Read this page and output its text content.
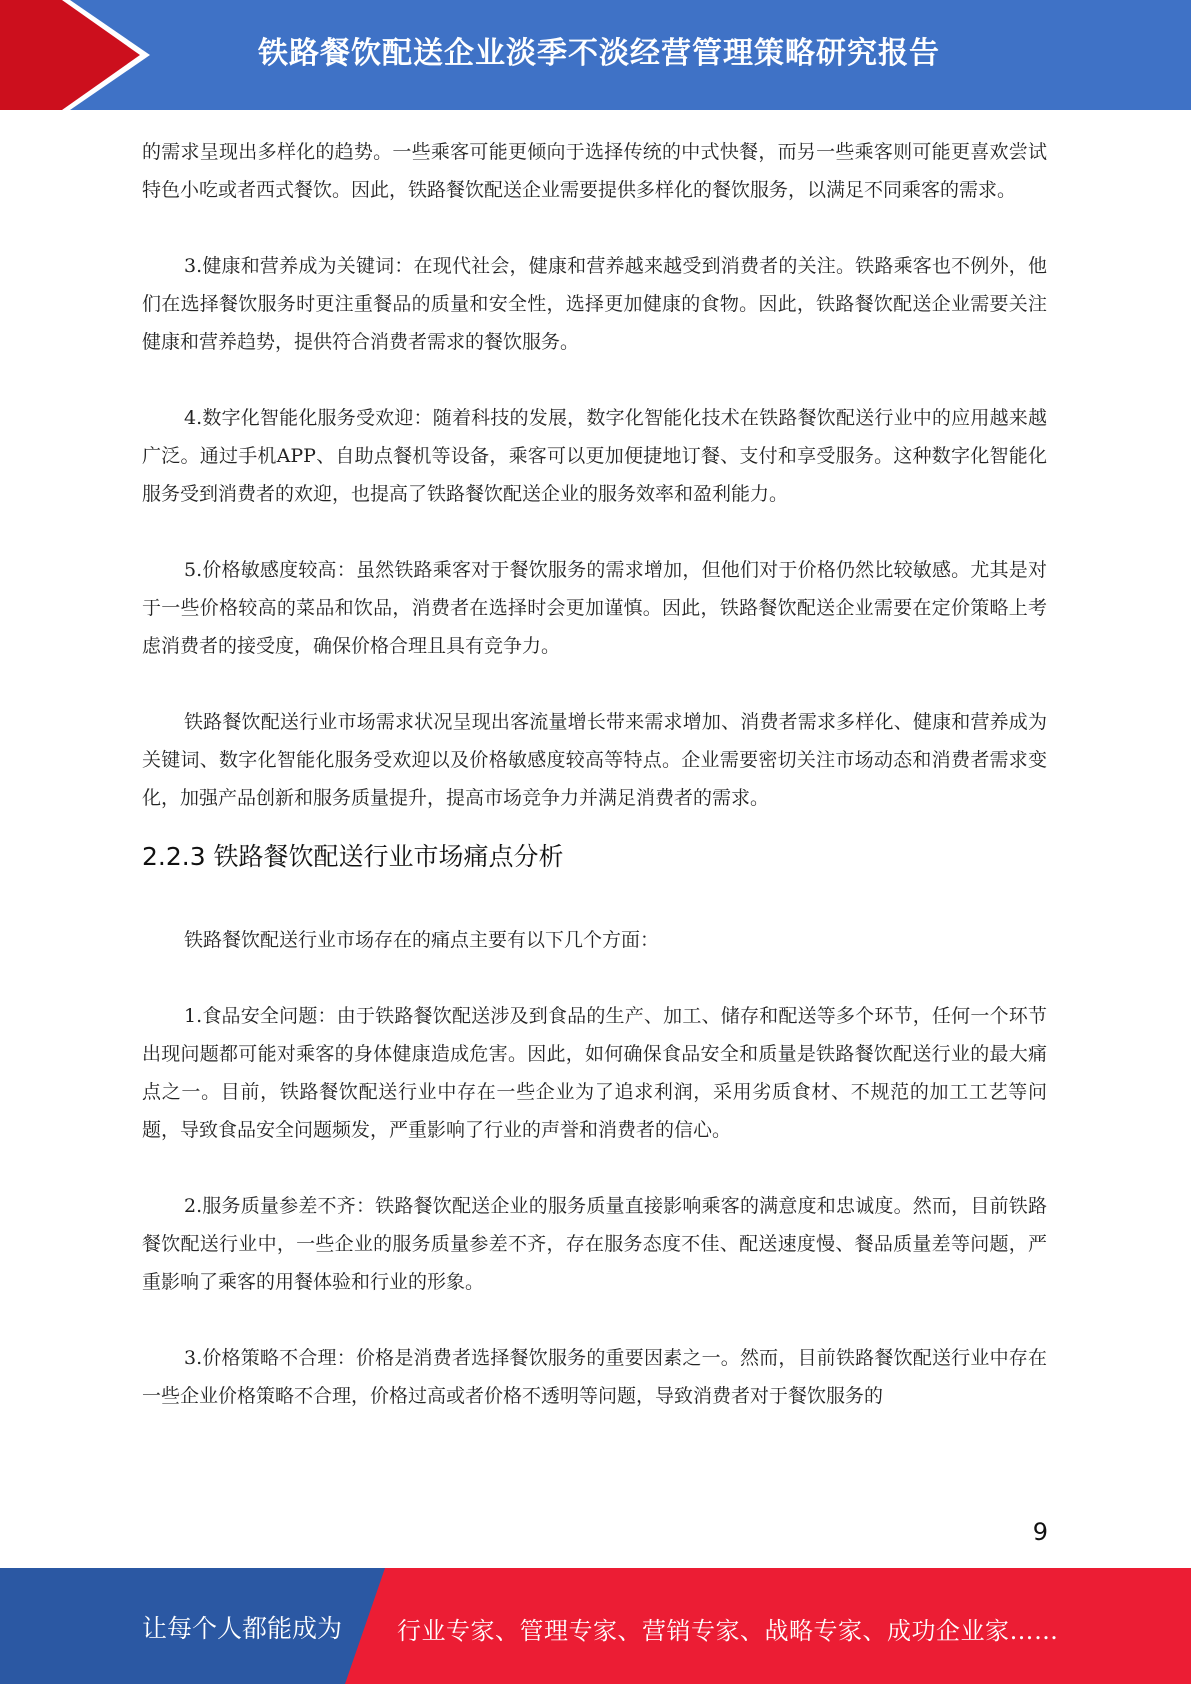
铁路餐饮配送企业淡季不淡经营管理策略研究报告

的需求呈现出多样化的趋势。一些乘客可能更倾向于选择传统的中式快餐，而另一些乘客则可能更喜欢尝试特色小吃或者西式餐饮。因此，铁路餐饮配送企业需要提供多样化的餐饮服务，以满足不同乘客的需求。

3.健康和营养成为关键词：在现代社会，健康和营养越来越受到消费者的关注。铁路乘客也不例外，他们在选择餐饮服务时更注重餐品的质量和安全性，选择更加健康的食物。因此，铁路餐饮配送企业需要关注健康和营养趋势，提供符合消费者需求的餐饮服务。

4.数字化智能化服务受欢迎：随着科技的发展，数字化智能化技术在铁路餐饮配送行业中的应用越来越广泛。通过手机APP、自助点餐机等设备，乘客可以更加便捷地订餐、支付和享受服务。这种数字化智能化服务受到消费者的欢迎，也提高了铁路餐饮配送企业的服务效率和盈利能力。

5.价格敏感度较高：虽然铁路乘客对于餐饮服务的需求增加，但他们对于价格仍然比较敏感。尤其是对于一些价格较高的菜品和饮品，消费者在选择时会更加谨慎。因此，铁路餐饮配送企业需要在定价策略上考虑消费者的接受度，确保价格合理且具有竞争力。

铁路餐饮配送行业市场需求状况呈现出客流量增长带来需求增加、消费者需求多样化、健康和营养成为关键词、数字化智能化服务受欢迎以及价格敏感度较高等特点。企业需要密切关注市场动态和消费者需求变化，加强产品创新和服务质量提升，提高市场竞争力并满足消费者的需求。

2.2.3 铁路餐饮配送行业市场痛点分析

铁路餐饮配送行业市场存在的痛点主要有以下几个方面：

1.食品安全问题：由于铁路餐饮配送涉及到食品的生产、加工、储存和配送等多个环节，任何一个环节出现问题都可能对乘客的身体健康造成危害。因此，如何确保食品安全和质量是铁路餐饮配送行业的最大痛点之一。目前，铁路餐饮配送行业中存在一些企业为了追求利润，采用劣质食材、不规范的加工工艺等问题，导致食品安全问题频发，严重影响了行业的声誉和消费者的信心。

2.服务质量参差不齐：铁路餐饮配送企业的服务质量直接影响乘客的满意度和忠诚度。然而，目前铁路餐饮配送行业中，一些企业的服务质量参差不齐，存在服务态度不佳、配送速度慢、餐品质量差等问题，严重影响了乘客的用餐体验和行业的形象。

3.价格策略不合理：价格是消费者选择餐饮服务的重要因素之一。然而，目前铁路餐饮配送行业中存在一些企业价格策略不合理，价格过高或者价格不透明等问题，导致消费者对于餐饮服务的

9
让每个人都能成为 行业专家、管理专家、营销专家、战略专家、成功企业家……
